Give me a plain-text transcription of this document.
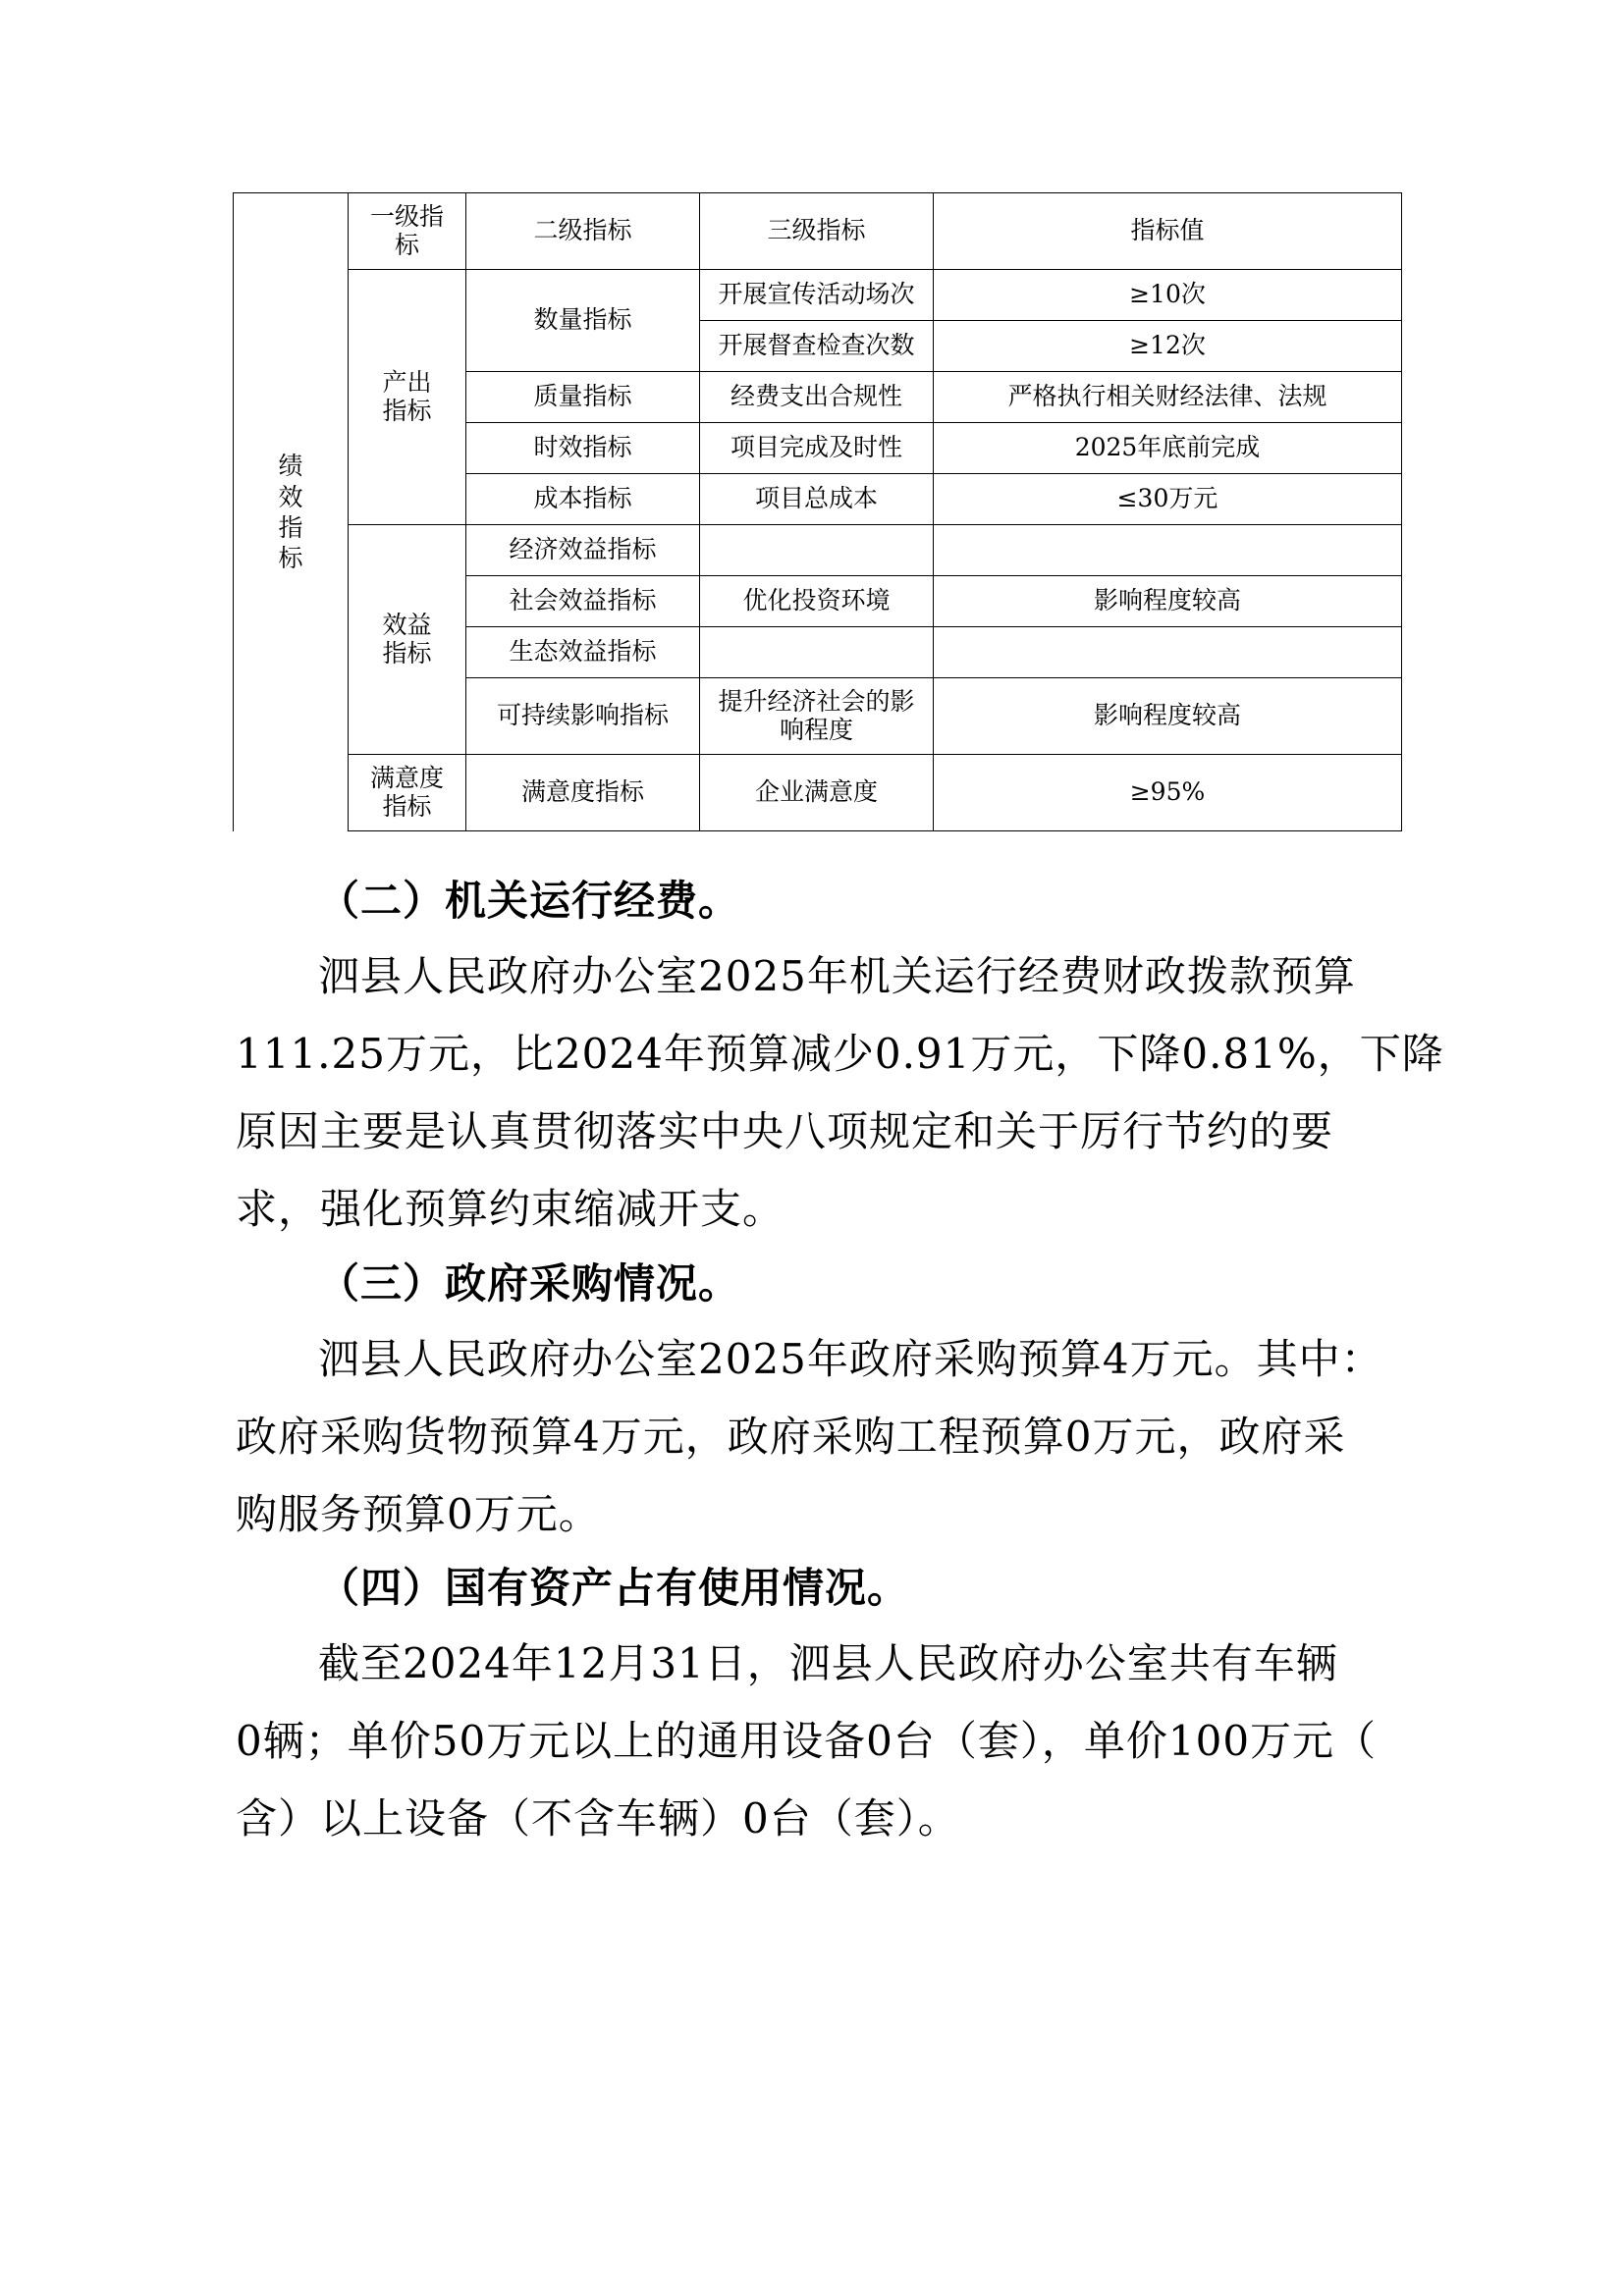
绩效指标	一级指标	二级指标	三级指标	指标值
	产出指标	数量指标	开展宣传活动场次	≥10次
			开展督查检查次数	≥12次
		质量指标	经费支出合规性	严格执行相关财经法律、法规
		时效指标	项目完成及时性	2025年底前完成
		成本指标	项目总成本	≤30万元

	效益指标	经济效益指标		
		社会效益指标	优化投资环境	影响程度较高
		生态效益指标		
		可持续影响指标	提升经济社会的影响程度	影响程度较高
	满意度指标	满意度指标	企业满意度	≥95%
（二）机关运行经费。
泗县人民政府办公室2025年机关运行经费财政拨款预算
111.25万元，比2024年预算减少0.91万元，下降0.81%，下降
原因主要是认真贯彻落实中央八项规定和关于厉行节约的要
求，强化预算约束缩减开支。
（三）政府采购情况。
泗县人民政府办公室2025年政府采购预算4万元。其中：
政府采购货物预算4万元，政府采购工程预算0万元，政府采
购服务预算0万元。
（四）国有资产占有使用情况。
截至2024年12月31日，泗县人民政府办公室共有车辆
0辆；单价50万元以上的通用设备0台（套），单价100万元（
含）以上设备（不含车辆）0台（套）。
